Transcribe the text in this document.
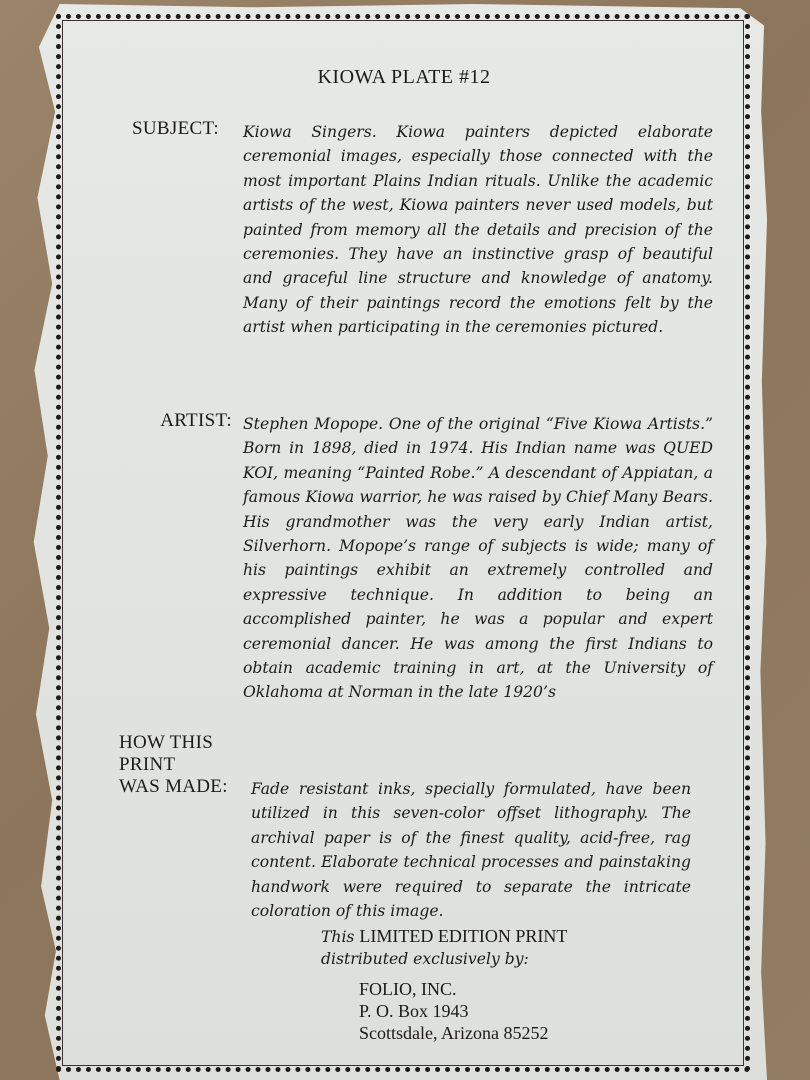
KIOWA PLATE #12
SUBJECT: Kiowa Singers. Kiowa painters depicted elaborate ceremonial images, especially those connected with the most important Plains Indian rituals. Unlike the academic artists of the west, Kiowa painters never used models, but painted from memory all the details and precision of the ceremonies. They have an instinctive grasp of beautiful and graceful line structure and knowledge of anatomy. Many of their paintings record the emotions felt by the artist when participating in the ceremonies pictured.
ARTIST: Stephen Mopope. One of the original “Five Kiowa Artists.” Born in 1898, died in 1974. His Indian name was QUED KOI, meaning “Painted Robe.” A descendant of Appiatan, a famous Kiowa warrior, he was raised by Chief Many Bears. His grandmother was the very early Indian artist, Silverhorn. Mopope’s range of subjects is wide; many of his paintings exhibit an extremely controlled and expressive technique. In addition to being an accomplished painter, he was a popular and expert ceremonial dancer. He was among the first Indians to obtain academic training in art, at the University of Oklahoma at Norman in the late 1920’s
HOW THIS
PRINT
WAS MADE: Fade resistant inks, specially formulated, have been utilized in this seven-color offset lithography. The archival paper is of the finest quality, acid-free, rag content. Elaborate technical processes and painstaking handwork were required to separate the intricate coloration of this image.
This LIMITED EDITION PRINT
distributed exclusively by:
FOLIO, INC.
P. O. Box 1943
Scottsdale, Arizona 85252
